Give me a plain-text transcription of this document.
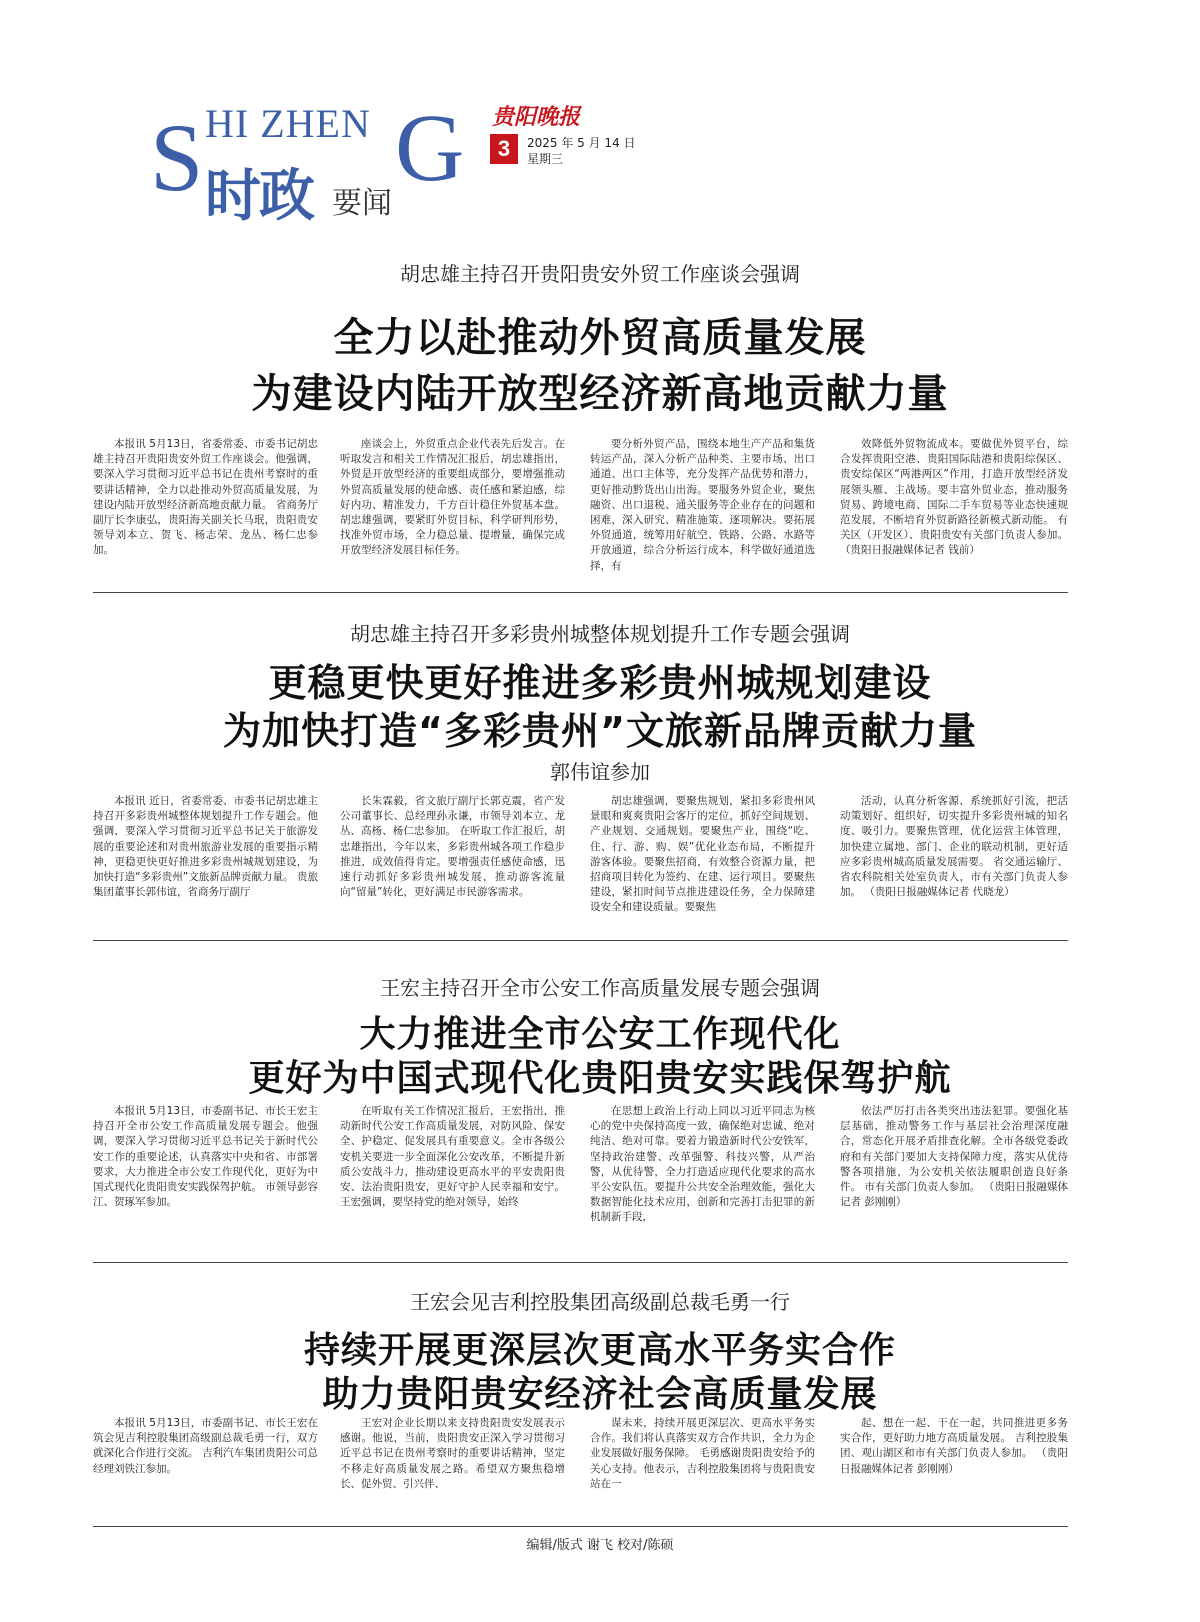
S HI ZHEN G
时政 要闻
贵阳晚报
3	2025 年 5 月 14 日
星期三
胡忠雄主持召开贵阳贵安外贸工作座谈会强调
全力以赴推动外贸高质量发展
为建设内陆开放型经济新高地贡献力量

本报讯 5月13日，省委常委、市委书记胡忠雄主持召开贵阳贵安外贸工作座谈会。他强调，要深入学习贯彻习近平总书记在贵州考察时的重要讲话精神，全力以赴推动外贸高质量发展，为建设内陆开放型经济新高地贡献力量。 省商务厅副厅长李康弘，贵阳海关副关长马珉，贵阳贵安领导刘本立、贺飞、杨志荣、龙丛、杨仁忠参加。

座谈会上，外贸重点企业代表先后发言。在听取发言和相关工作情况汇报后，胡忠雄指出，外贸是开放型经济的重要组成部分，要增强推动外贸高质量发展的使命感、责任感和紧迫感，综好内功、精准发力，千方百计稳住外贸基本盘。 胡忠雄强调，要紧盯外贸目标，科学研判形势，找准外贸市场，全力稳总量、提增量，确保完成开放型经济发展目标任务。

要分析外贸产品，围绕本地生产产品和集货转运产品，深入分析产品种类、主要市场、出口通道、出口主体等，充分发挥产品优势和潜力，更好推动黔货出山出海。要服务外贸企业，聚焦融资、出口退税、通关服务等企业存在的问题和困难，深入研究、精准施策、逐项解决。要拓展外贸通道，统筹用好航空、铁路、公路、水路等开放通道，综合分析运行成本，科学做好通道选择，有

效降低外贸物流成本。要做优外贸平台，综合发挥贵阳空港、贵阳国际陆港和贵阳综保区、贵安综保区“两港两区”作用，打造开放型经济发展领头雁、主战场。要丰富外贸业态，推动服务贸易、跨境电商、国际二手车贸易等业态快速规范发展，不断培育外贸新路径新模式新动能。 有关区（开发区）、贵阳贵安有关部门负责人参加。 （贵阳日报融媒体记者 钱前）

胡忠雄主持召开多彩贵州城整体规划提升工作专题会强调
更稳更快更好推进多彩贵州城规划建设
为加快打造“多彩贵州”文旅新品牌贡献力量
郭伟谊参加

本报讯 近日，省委常委、市委书记胡忠雄主持召开多彩贵州城整体规划提升工作专题会。他强调，要深入学习贯彻习近平总书记关于旅游发展的重要论述和对贵州旅游业发展的重要指示精神，更稳更快更好推进多彩贵州城规划建设，为加快打造“多彩贵州”文旅新品牌贡献力量。 贵旅集团董事长郭伟谊，省商务厅副厅

长朱霖毅，省文旅厅副厅长郭克震，省产发公司董事长、总经理孙永谦，市领导刘本立、龙丛、高杨、杨仁忠参加。 在听取工作汇报后，胡忠雄指出，今年以来，多彩贵州城各项工作稳步推进，成效值得肯定。要增强责任感使命感，迅速行动抓好多彩贵州城发展，推动游客流量向“留量”转化，更好满足市民游客需求。

胡忠雄强调，要聚焦规划，紧扣多彩贵州风景眼和爽爽贵阳会客厅的定位，抓好空间规划、产业规划、交通规划。要聚焦产业，围绕“吃、住、行、游、购、娱”优化业态布局，不断提升游客体验。要聚焦招商，有效整合资源力量，把招商项目转化为签约、在建、运行项目。要聚焦建设，紧扣时间节点推进建设任务，全力保障建设安全和建设质量。要聚焦

活动，认真分析客源、系统抓好引流，把活动策划好、组织好，切实提升多彩贵州城的知名度、吸引力。要聚焦管理，优化运营主体管理，加快建立属地、部门、企业的联动机制，更好适应多彩贵州城高质量发展需要。 省交通运输厅、省农科院相关处室负责人，市有关部门负责人参加。 （贵阳日报融媒体记者 代晓龙）

王宏主持召开全市公安工作高质量发展专题会强调
大力推进全市公安工作现代化
更好为中国式现代化贵阳贵安实践保驾护航

本报讯 5月13日，市委副书记、市长王宏主持召开全市公安工作高质量发展专题会。他强调，要深入学习贯彻习近平总书记关于新时代公安工作的重要论述，认真落实中央和省、市部署要求，大力推进全市公安工作现代化，更好为中国式现代化贵阳贵安实践保驾护航。 市领导彭容江、贺琢军参加。

在听取有关工作情况汇报后，王宏指出，推动新时代公安工作高质量发展，对防风险、保安全、护稳定、促发展具有重要意义。全市各级公安机关要进一步全面深化公安改革，不断提升新质公安战斗力，推动建设更高水平的平安贵阳贵安、法治贵阳贵安，更好守护人民幸福和安宁。 王宏强调，要坚持党的绝对领导，始终

在思想上政治上行动上同以习近平同志为核心的党中央保持高度一致，确保绝对忠诚、绝对纯洁、绝对可靠。要着力锻造新时代公安铁军，坚持政治建警、改革强警、科技兴警，从严治警，从优待警，全力打造适应现代化要求的高水平公安队伍。要提升公共安全治理效能，强化大数据智能化技术应用，创新和完善打击犯罪的新机制新手段，

依法严厉打击各类突出违法犯罪。要强化基层基础，推动警务工作与基层社会治理深度融合，常态化开展矛盾排查化解。全市各级党委政府和有关部门要加大支持保障力度，落实从优待警各项措施，为公安机关依法履职创造良好条件。 市有关部门负责人参加。 （贵阳日报融媒体记者 彭刚刚）

王宏会见吉利控股集团高级副总裁毛勇一行
持续开展更深层次更高水平务实合作
助力贵阳贵安经济社会高质量发展

本报讯 5月13日，市委副书记、市长王宏在筑会见吉利控股集团高级副总裁毛勇一行，双方就深化合作进行交流。 吉利汽车集团贵阳公司总经理刘铁江参加。

王宏对企业长期以来支持贵阳贵安发展表示感谢。他说，当前，贵阳贵安正深入学习贯彻习近平总书记在贵州考察时的重要讲话精神，坚定不移走好高质量发展之路。希望双方聚焦稳增长、促外贸、引兴伴、

谋未来，持续开展更深层次、更高水平务实合作。我们将认真落实双方合作共识，全力为企业发展做好服务保障。 毛勇感谢贵阳贵安给予的关心支持。他表示，吉利控股集团将与贵阳贵安站在一

起、想在一起、干在一起，共同推进更多务实合作，更好助力地方高质量发展。 吉利控股集团、观山湖区和市有关部门负责人参加。 （贵阳日报融媒体记者 彭刚刚）

编辑/版式 谢飞 校对/陈硕
